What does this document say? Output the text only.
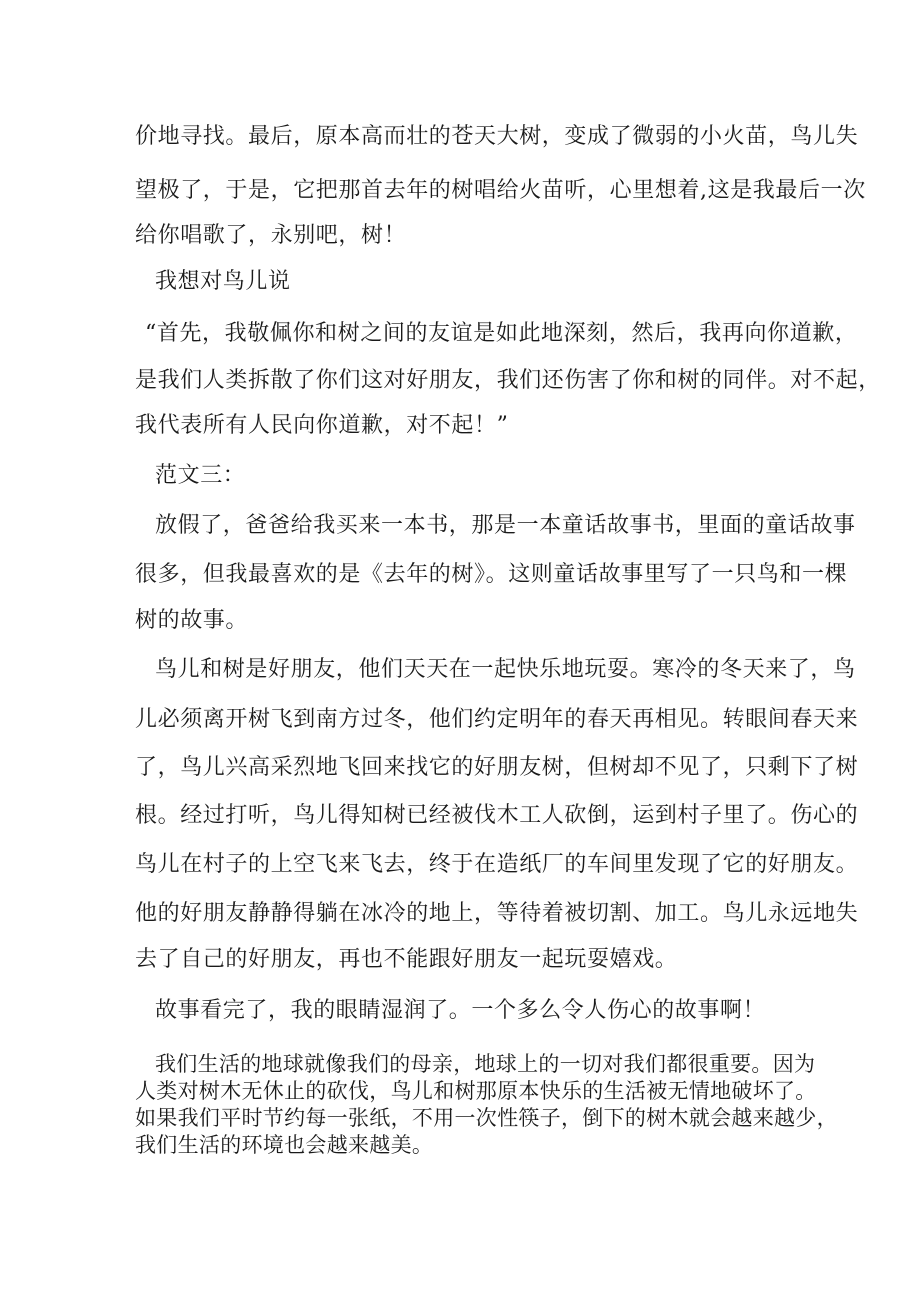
价地寻找。最后，原本高而壮的苍天大树，变成了微弱的小火苗，鸟儿失
望极了，于是，它把那首去年的树唱给火苗听，心里想着,这是我最后一次
给你唱歌了，永别吧，树！
我想对鸟儿说
“首先，我敬佩你和树之间的友谊是如此地深刻，然后，我再向你道歉，
是我们人类拆散了你们这对好朋友，我们还伤害了你和树的同伴。对不起，
我代表所有人民向你道歉，对不起！”
范文三：
放假了，爸爸给我买来一本书，那是一本童话故事书，里面的童话故事
很多，但我最喜欢的是《去年的树》。这则童话故事里写了一只鸟和一棵
树的故事。
鸟儿和树是好朋友，他们天天在一起快乐地玩耍。寒冷的冬天来了，鸟
儿必须离开树飞到南方过冬，他们约定明年的春天再相见。转眼间春天来
了，鸟儿兴高采烈地飞回来找它的好朋友树，但树却不见了，只剩下了树
根。经过打听，鸟儿得知树已经被伐木工人砍倒，运到村子里了。伤心的
鸟儿在村子的上空飞来飞去，终于在造纸厂的车间里发现了它的好朋友。
他的好朋友静静得躺在冰冷的地上，等待着被切割、加工。鸟儿永远地失
去了自己的好朋友，再也不能跟好朋友一起玩耍嬉戏。
故事看完了，我的眼睛湿润了。一个多么令人伤心的故事啊！
我们生活的地球就像我们的母亲，地球上的一切对我们都很重要。因为
人类对树木无休止的砍伐，鸟儿和树那原本快乐的生活被无情地破坏了。
如果我们平时节约每一张纸，不用一次性筷子，倒下的树木就会越来越少，
我们生活的环境也会越来越美。
